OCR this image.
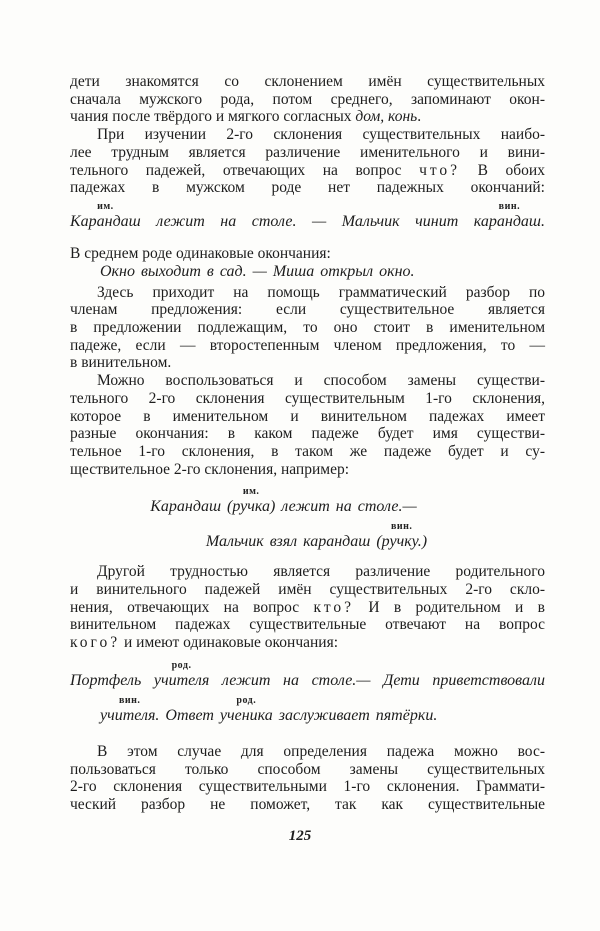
дети знакомятся со склонением имён существительных
сначала мужского рода, потом среднего, запоминают окон-
чания после твёрдого и мягкого согласных дом, конь.
При изучении 2-го склонения существительных наибо-
лее трудным является различение именительного и вини-
тельного падежей, отвечающих на вопрос что? В обоих
падежах в мужском роде нет падежных окончаний:
им.
Карандаш лежит на столе. — Мальчик чинит
вин.
карандаш.
В среднем роде одинаковые окончания:
Окно выходит в сад. — Миша открыл окно.
Здесь приходит на помощь грамматический разбор по
членам предложения: если существительное является
в предложении подлежащим, то оно стоит в именительном
падеже, если — второстепенным членом предложения, то —
в винительном.
Можно воспользоваться и способом замены существи-
тельного 2-го склонения существительным 1-го склонения,
которое в именительном и винительном падежах имеет
разные окончания: в каком падеже будет имя существи-
тельное 1-го склонения, в таком же падеже будет и су-
ществительное 2-го склонения, например:
Карандаш
им.
(ручка) лежит на столе.—
Мальчик взял карандаш
вин.
(ручку.)
Другой трудностью является различение родительного
и винительного падежей имён существительных 2-го скло-
нения, отвечающих на вопрос кто? И в родительном и в
винительном падежах существительные отвечают на вопрос
кого? и имеют одинаковые окончания:
Портфель
род.
учителя лежит на столе.— Дети приветствовали
вин.
учителя. Ответ
род.
ученика заслуживает пятёрки.
В этом случае для определения падежа можно вос-
пользоваться только способом замены существительных
2-го склонения существительными 1-го склонения. Граммати-
ческий разбор не поможет, так как существительные
125
